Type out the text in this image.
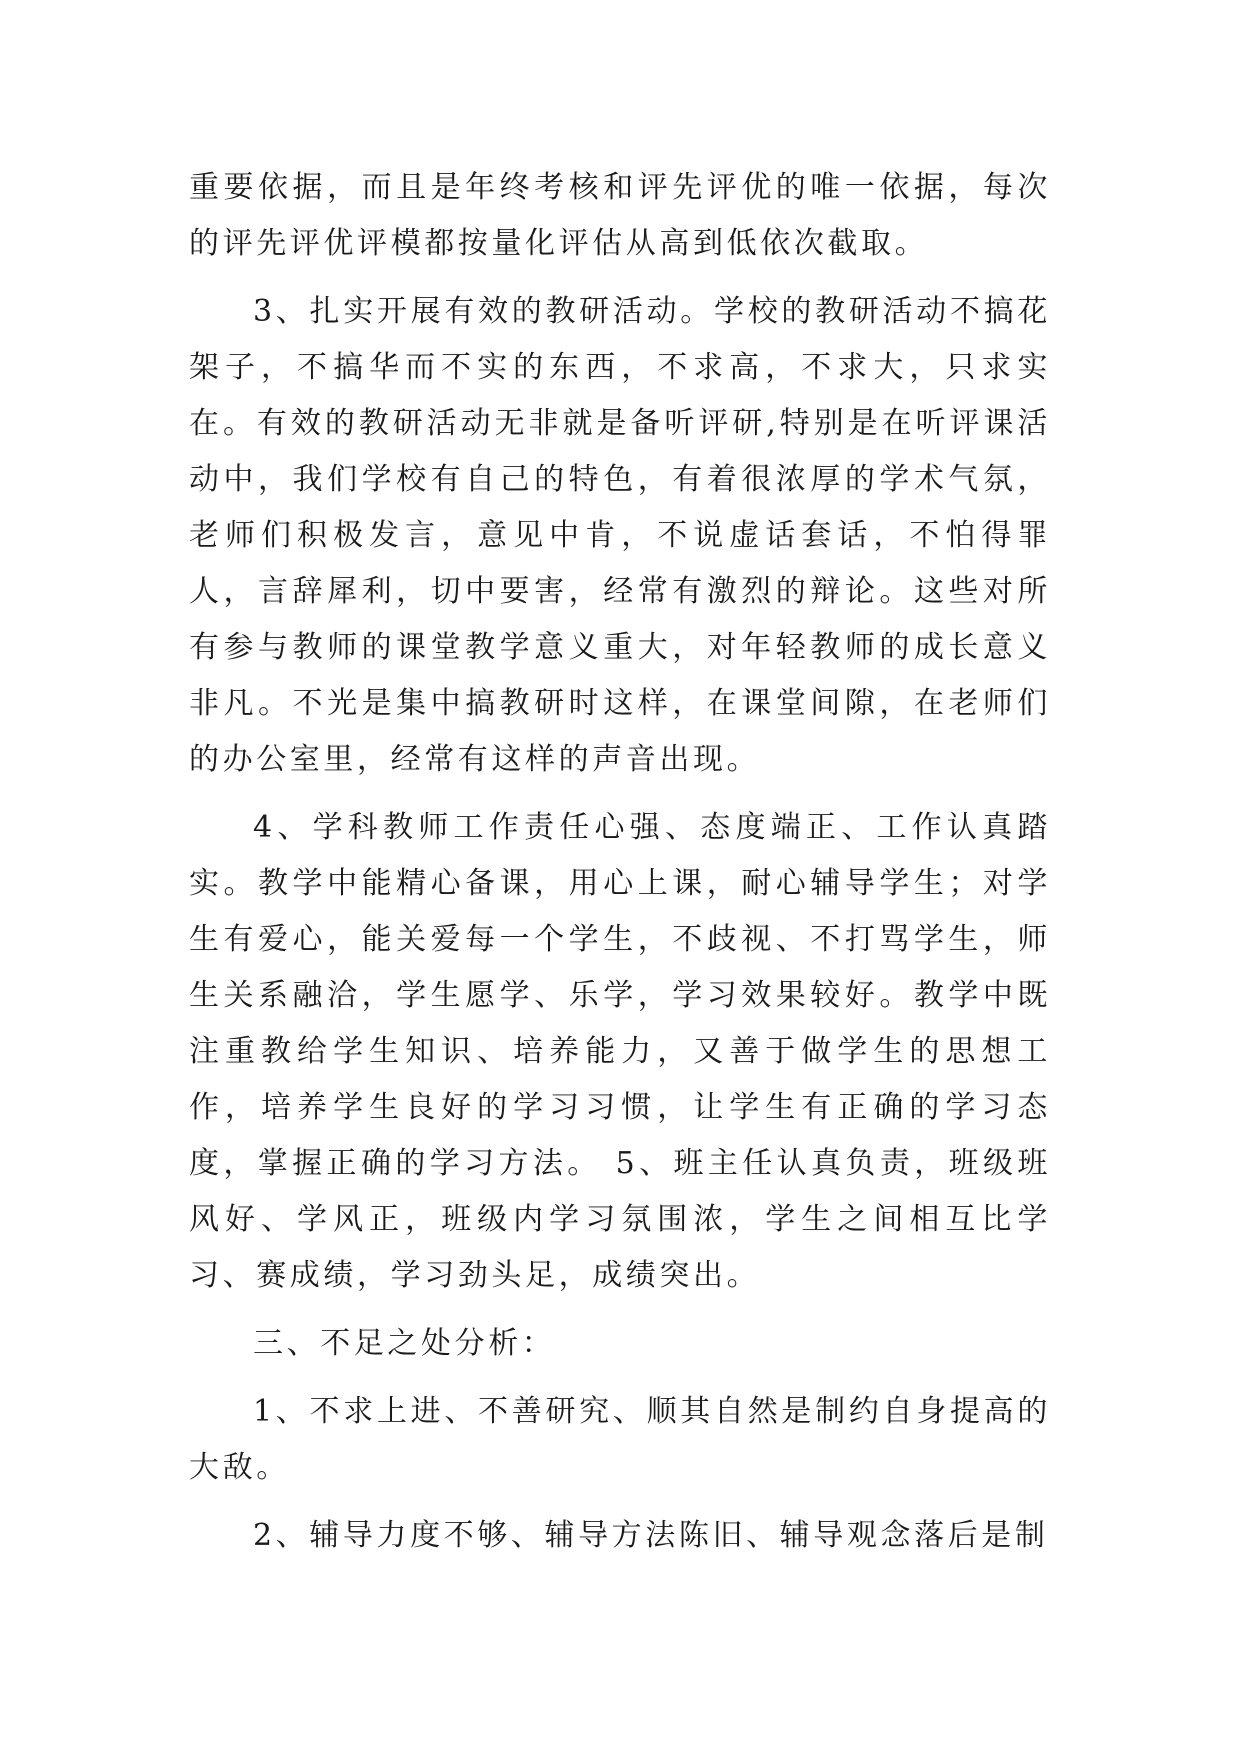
重要依据，而且是年终考核和评先评优的唯一依据，每次的评先评优评模都按量化评估从高到低依次截取。

3、扎实开展有效的教研活动。学校的教研活动不搞花架子，不搞华而不实的东西，不求高，不求大，只求实在。有效的教研活动无非就是备听评研,特别是在听评课活动中，我们学校有自己的特色，有着很浓厚的学术气氛，老师们积极发言，意见中肯，不说虚话套话，不怕得罪人，言辞犀利，切中要害，经常有激烈的辩论。这些对所有参与教师的课堂教学意义重大，对年轻教师的成长意义非凡。不光是集中搞教研时这样，在课堂间隙，在老师们的办公室里，经常有这样的声音出现。

4、学科教师工作责任心强、态度端正、工作认真踏实。教学中能精心备课，用心上课，耐心辅导学生；对学生有爱心，能关爱每一个学生，不歧视、不打骂学生，师生关系融洽，学生愿学、乐学，学习效果较好。教学中既注重教给学生知识、培养能力，又善于做学生的思想工作，培养学生良好的学习习惯，让学生有正确的学习态度，掌握正确的学习方法。 5、班主任认真负责，班级班风好、学风正，班级内学习氛围浓，学生之间相互比学习、赛成绩，学习劲头足，成绩突出。

三、不足之处分析：

1、不求上进、不善研究、顺其自然是制约自身提高的大敌。

2、辅导力度不够、辅导方法陈旧、辅导观念落后是制
